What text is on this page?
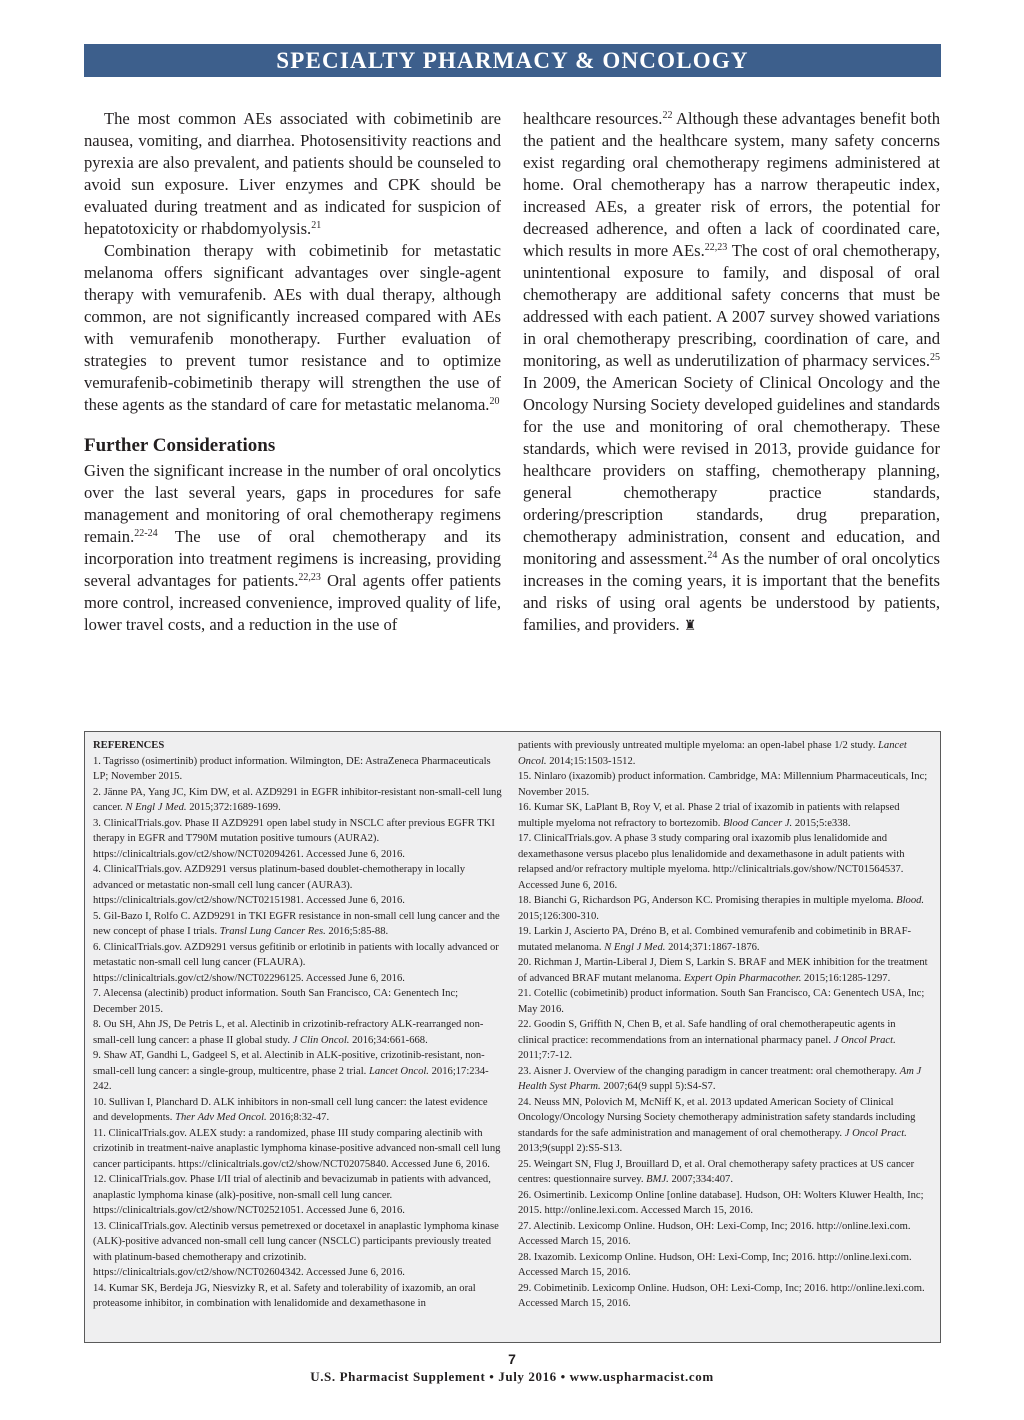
SPECIALTY PHARMACY & ONCOLOGY

The most common AEs associated with cobimetinib are nausea, vomiting, and diarrhea. Photosensitivity reactions and pyrexia are also prevalent, and patients should be counseled to avoid sun exposure. Liver enzymes and CPK should be evaluated during treatment and as indicated for suspicion of hepatotoxicity or rhabdomyolysis.$^{21}$

Combination therapy with cobimetinib for metastatic melanoma offers significant advantages over single-agent therapy with vemurafenib. AEs with dual therapy, although common, are not significantly increased compared with AEs with vemurafenib monotherapy. Further evaluation of strategies to prevent tumor resistance and to optimize vemurafenib-cobimetinib therapy will strengthen the use of these agents as the standard of care for metastatic melanoma.$^{20}$

Further Considerations

Given the significant increase in the number of oral oncolytics over the last several years, gaps in procedures for safe management and monitoring of oral chemotherapy regimens remain.$^{22-24}$ The use of oral chemotherapy and its incorporation into treatment regimens is increasing, providing several advantages for patients.$^{22,23}$ Oral agents offer patients more control, increased convenience, improved quality of life, lower travel costs, and a reduction in the use of

healthcare resources.$^{22}$ Although these advantages benefit both the patient and the healthcare system, many safety concerns exist regarding oral chemotherapy regimens administered at home. Oral chemotherapy has a narrow therapeutic index, increased AEs, a greater risk of errors, the potential for decreased adherence, and often a lack of coordinated care, which results in more AEs.$^{22,23}$ The cost of oral chemotherapy, unintentional exposure to family, and disposal of oral chemotherapy are additional safety concerns that must be addressed with each patient. A 2007 survey showed variations in oral chemotherapy prescribing, coordination of care, and monitoring, as well as underutilization of pharmacy services.$^{25}$ In 2009, the American Society of Clinical Oncology and the Oncology Nursing Society developed guidelines and standards for the use and monitoring of oral chemotherapy. These standards, which were revised in 2013, provide guidance for healthcare providers on staffing, chemotherapy planning, general chemotherapy practice standards, ordering/prescription standards, drug preparation, chemotherapy administration, consent and education, and monitoring and assessment.$^{24}$ As the number of oral oncolytics increases in the coming years, it is important that the benefits and risks of using oral agents be understood by patients, families, and providers. ♜

REFERENCES

1. Tagrisso (osimertinib) product information. Wilmington, DE: AstraZeneca Pharmaceuticals LP; November 2015.

2. Jänne PA, Yang JC, Kim DW, et al. AZD9291 in EGFR inhibitor-resistant non-small-cell lung cancer. N Engl J Med. 2015;372:1689-1699.

3. ClinicalTrials.gov. Phase II AZD9291 open label study in NSCLC after previous EGFR TKI therapy in EGFR and T790M mutation positive tumours (AURA2). https://clinicaltrials.gov/ct2/show/NCT02094261. Accessed June 6, 2016.

4. ClinicalTrials.gov. AZD9291 versus platinum-based doublet-chemotherapy in locally advanced or metastatic non-small cell lung cancer (AURA3). https://clinicaltrials.gov/ct2/show/NCT02151981. Accessed June 6, 2016.

5. Gil-Bazo I, Rolfo C. AZD9291 in TKI EGFR resistance in non-small cell lung cancer and the new concept of phase I trials. Transl Lung Cancer Res. 2016;5:85-88.

6. ClinicalTrials.gov. AZD9291 versus gefitinib or erlotinib in patients with locally advanced or metastatic non-small cell lung cancer (FLAURA). https://clinicaltrials.gov/ct2/show/NCT02296125. Accessed June 6, 2016.

7. Alecensa (alectinib) product information. South San Francisco, CA: Genentech Inc; December 2015.

8. Ou SH, Ahn JS, De Petris L, et al. Alectinib in crizotinib-refractory ALK-rearranged non-small-cell lung cancer: a phase II global study. J Clin Oncol. 2016;34:661-668.

9. Shaw AT, Gandhi L, Gadgeel S, et al. Alectinib in ALK-positive, crizotinib-resistant, non-small-cell lung cancer: a single-group, multicentre, phase 2 trial. Lancet Oncol. 2016;17:234-242.

10. Sullivan I, Planchard D. ALK inhibitors in non-small cell lung cancer: the latest evidence and developments. Ther Adv Med Oncol. 2016;8:32-47.

11. ClinicalTrials.gov. ALEX study: a randomized, phase III study comparing alectinib with crizotinib in treatment-naive anaplastic lymphoma kinase-positive advanced non-small cell lung cancer participants. https://clinicaltrials.gov/ct2/show/NCT02075840. Accessed June 6, 2016.

12. ClinicalTrials.gov. Phase I/II trial of alectinib and bevacizumab in patients with advanced, anaplastic lymphoma kinase (alk)-positive, non-small cell lung cancer. https://clinicaltrials.gov/ct2/show/NCT02521051. Accessed June 6, 2016.

13. ClinicalTrials.gov. Alectinib versus pemetrexed or docetaxel in anaplastic lymphoma kinase (ALK)-positive advanced non-small cell lung cancer (NSCLC) participants previously treated with platinum-based chemotherapy and crizotinib. https://clinicaltrials.gov/ct2/show/NCT02604342. Accessed June 6, 2016.

14. Kumar SK, Berdeja JG, Niesvizky R, et al. Safety and tolerability of ixazomib, an oral proteasome inhibitor, in combination with lenalidomide and dexamethasone in

patients with previously untreated multiple myeloma: an open-label phase 1/2 study. Lancet Oncol. 2014;15:1503-1512.

15. Ninlaro (ixazomib) product information. Cambridge, MA: Millennium Pharmaceuticals, Inc; November 2015.

16. Kumar SK, LaPlant B, Roy V, et al. Phase 2 trial of ixazomib in patients with relapsed multiple myeloma not refractory to bortezomib. Blood Cancer J. 2015;5:e338.

17. ClinicalTrials.gov. A phase 3 study comparing oral ixazomib plus lenalidomide and dexamethasone versus placebo plus lenalidomide and dexamethasone in adult patients with relapsed and/or refractory multiple myeloma. http://clinicaltrials.gov/show/NCT01564537. Accessed June 6, 2016.

18. Bianchi G, Richardson PG, Anderson KC. Promising therapies in multiple myeloma. Blood. 2015;126:300-310.

19. Larkin J, Ascierto PA, Dréno B, et al. Combined vemurafenib and cobimetinib in BRAF-mutated melanoma. N Engl J Med. 2014;371:1867-1876.

20. Richman J, Martin-Liberal J, Diem S, Larkin S. BRAF and MEK inhibition for the treatment of advanced BRAF mutant melanoma. Expert Opin Pharmacother. 2015;16:1285-1297.

21. Cotellic (cobimetinib) product information. South San Francisco, CA: Genentech USA, Inc; May 2016.

22. Goodin S, Griffith N, Chen B, et al. Safe handling of oral chemotherapeutic agents in clinical practice: recommendations from an international pharmacy panel. J Oncol Pract. 2011;7:7-12.

23. Aisner J. Overview of the changing paradigm in cancer treatment: oral chemotherapy. Am J Health Syst Pharm. 2007;64(9 suppl 5):S4-S7.

24. Neuss MN, Polovich M, McNiff K, et al. 2013 updated American Society of Clinical Oncology/Oncology Nursing Society chemotherapy administration safety standards including standards for the safe administration and management of oral chemotherapy. J Oncol Pract. 2013;9(suppl 2):S5-S13.

25. Weingart SN, Flug J, Brouillard D, et al. Oral chemotherapy safety practices at US cancer centres: questionnaire survey. BMJ. 2007;334:407.

26. Osimertinib. Lexicomp Online [online database]. Hudson, OH: Wolters Kluwer Health, Inc; 2015. http://online.lexi.com. Accessed March 15, 2016.

27. Alectinib. Lexicomp Online. Hudson, OH: Lexi-Comp, Inc; 2016. http://online.lexi.com. Accessed March 15, 2016.

28. Ixazomib. Lexicomp Online. Hudson, OH: Lexi-Comp, Inc; 2016. http://online.lexi.com. Accessed March 15, 2016.

29. Cobimetinib. Lexicomp Online. Hudson, OH: Lexi-Comp, Inc; 2016. http://online.lexi.com. Accessed March 15, 2016.

7
U.S. Pharmacist Supplement • July 2016 • www.uspharmacist.com
